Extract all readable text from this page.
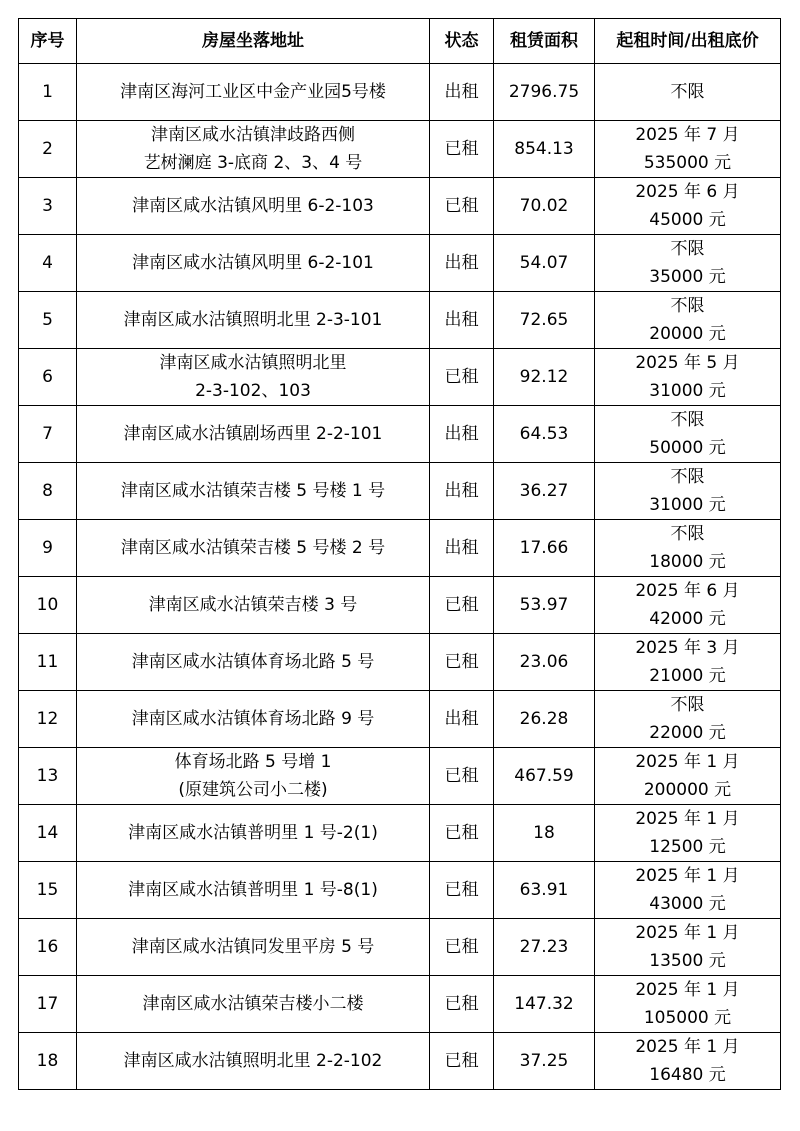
序号	房屋坐落地址	状态	租赁面积	起租时间/出租底价
1	津南区海河工业区中金产业园5号楼	出租	2796.75	不限

2	津南区咸水沽镇津歧路西侧
艺树澜庭 3-底商 2、3、4 号	已租	854.13	2025 年 7 月
535000 元

3	津南区咸水沽镇风明里 6-2-103	已租	70.02	2025 年 6 月
45000 元

4	津南区咸水沽镇风明里 6-2-101	出租	54.07	不限
35000 元

5	津南区咸水沽镇照明北里 2-3-101	出租	72.65	不限
20000 元

6	津南区咸水沽镇照明北里
2-3-102、103	已租	92.12	2025 年 5 月
31000 元

7	津南区咸水沽镇剧场西里 2-2-101	出租	64.53	不限
50000 元

8	津南区咸水沽镇荣吉楼 5 号楼 1 号	出租	36.27	不限
31000 元

9	津南区咸水沽镇荣吉楼 5 号楼 2 号	出租	17.66	不限
18000 元

10	津南区咸水沽镇荣吉楼 3 号	已租	53.97	2025 年 6 月
42000 元

11	津南区咸水沽镇体育场北路 5 号	已租	23.06	2025 年 3 月
21000 元

12	津南区咸水沽镇体育场北路 9 号	出租	26.28	不限
22000 元

13	体育场北路 5 号增 1
(原建筑公司小二楼)	已租	467.59	2025 年 1 月
200000 元

14	津南区咸水沽镇普明里 1 号-2(1)	已租	18	2025 年 1 月
12500 元

15	津南区咸水沽镇普明里 1 号-8(1)	已租	63.91	2025 年 1 月
43000 元

16	津南区咸水沽镇同发里平房 5 号	已租	27.23	2025 年 1 月
13500 元

17	津南区咸水沽镇荣吉楼小二楼	已租	147.32	2025 年 1 月
105000 元

18	津南区咸水沽镇照明北里 2-2-102	已租	37.25	2025 年 1 月
16480 元
